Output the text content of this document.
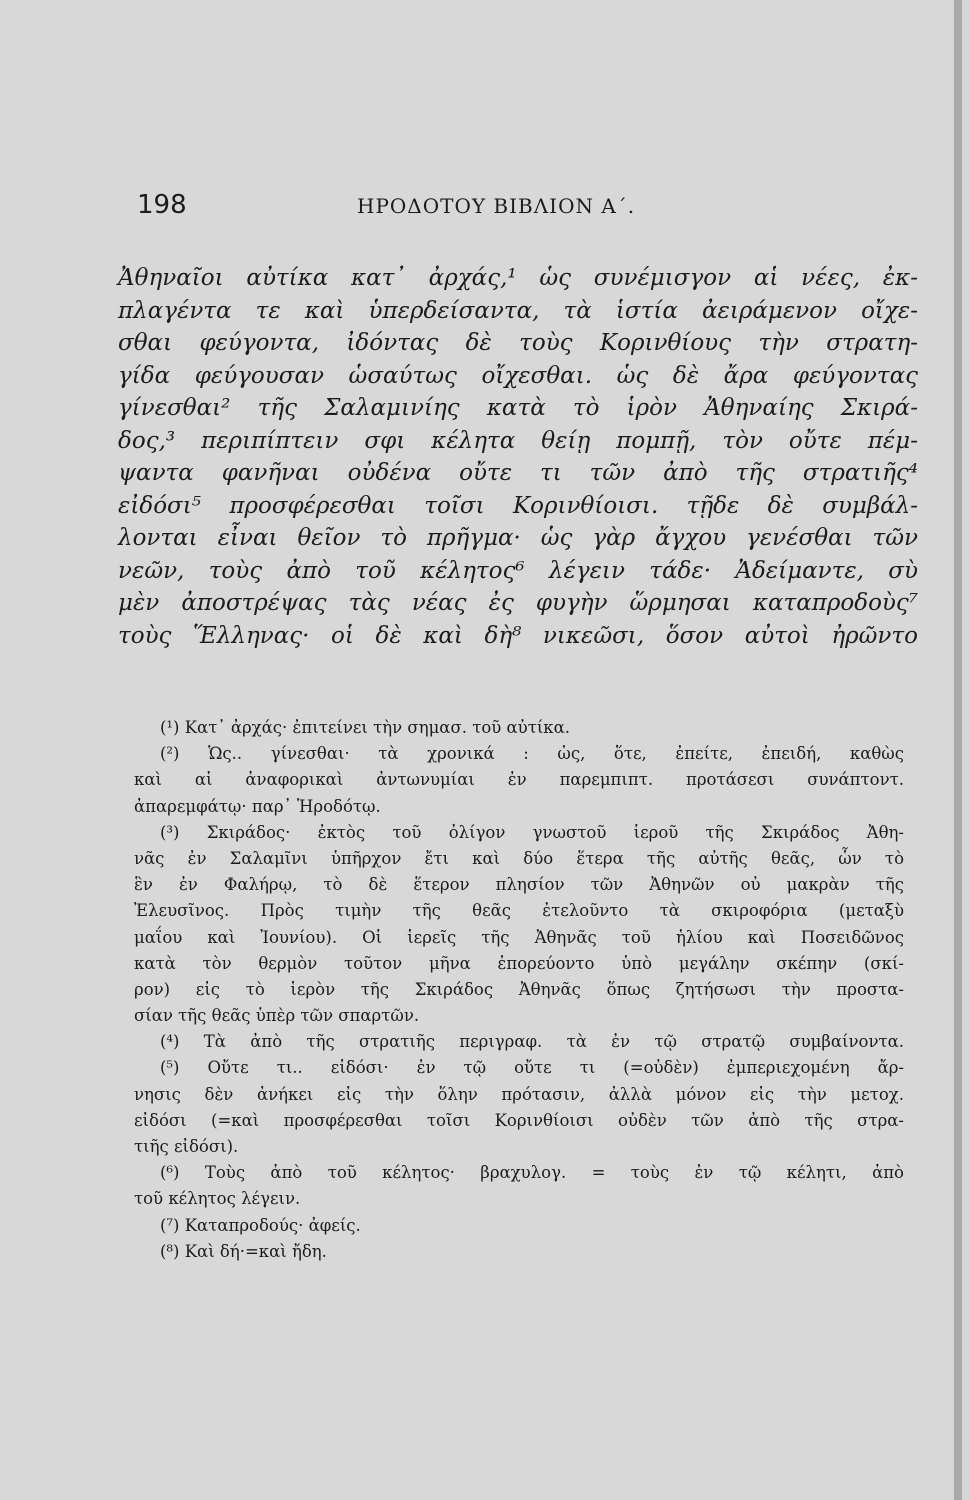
198	ΗΡΟΔΟΤΟΥ ΒΙΒΛΙΟΝ Α΄.
Ἀθηναῖοι αὐτίκα κατ᾽ ἀρχάς,¹ ὡς συνέμισγον αἱ νέες, ἐκ-
πλαγέντα τε καὶ ὑπερδείσαντα, τὰ ἱστία ἀειράμενον οἴχε-
σθαι φεύγοντα, ἰδόντας δὲ τοὺς Κορινθίους τὴν στρατη-
γίδα φεύγουσαν ὡσαύτως οἴχεσθαι. ὡς δὲ ἄρα φεύγοντας
γίνεσθαι² τῆς Σαλαμινίης κατὰ τὸ ἱρὸν Ἀθηναίης Σκιρά-
δος,³ περιπίπτειν σφι κέλητα θείῃ πομπῇ, τὸν οὔτε πέμ-
ψαντα φανῆναι οὐδένα οὔτε τι τῶν ἀπὸ τῆς στρατιῆς⁴
εἰδόσι⁵ προσφέρεσθαι τοῖσι Κορινθίοισι. τῇδε δὲ συμβάλ-
λονται εἶναι θεῖον τὸ πρῆγμα· ὡς γὰρ ἄγχου γενέσθαι τῶν
νεῶν, τοὺς ἀπὸ τοῦ κέλητος⁶ λέγειν τάδε· Ἀδείμαντε, σὺ
μὲν ἀποστρέψας τὰς νέας ἐς φυγὴν ὥρμησαι καταπροδοὺς⁷
τοὺς Ἕλληνας· οἱ δὲ καὶ δὴ⁸ νικεῶσι, ὅσον αὐτοὶ ἠρῶντο
(¹) Κατ᾽ ἀρχάς· ἐπιτείνει τὴν σημασ. τοῦ αὐτίκα.
(²) Ὡς.. γίνεσθαι· τὰ χρονικά : ὡς, ὅτε, ἐπείτε, ἐπειδή, καθὼς
καὶ αἱ ἀναφορικαὶ ἀντωνυμίαι ἐν παρεμπιπτ. προτάσεσι συνάπτοντ.
ἀπαρεμφάτῳ· παρ᾽ Ἡροδότῳ.
(³) Σκιράδος· ἐκτὸς τοῦ ὀλίγον γνωστοῦ ἱεροῦ τῆς Σκιράδος Ἀθη-
νᾶς ἐν Σαλαμῖνι ὑπῆρχον ἔτι καὶ δύο ἕτερα τῆς αὐτῆς θεᾶς, ὧν τὸ
ἓν ἐν Φαλήρῳ, τὸ δὲ ἕτερον πλησίον τῶν Ἀθηνῶν οὐ μακρὰν τῆς
Ἐλευσῖνος. Πρὸς τιμὴν τῆς θεᾶς ἐτελοῦντο τὰ σκιροφόρια (μεταξὺ
μαΐου καὶ Ἰουνίου). Οἱ ἱερεῖς τῆς Ἀθηνᾶς τοῦ ἡλίου καὶ Ποσειδῶνος
κατὰ τὸν θερμὸν τοῦτον μῆνα ἐπορεύοντο ὑπὸ μεγάλην σκέπην (σκί-
ρον) εἰς τὸ ἱερὸν τῆς Σκιράδος Ἀθηνᾶς ὅπως ζητήσωσι τὴν προστα-
σίαν τῆς θεᾶς ὑπὲρ τῶν σπαρτῶν.
(⁴) Τὰ ἀπὸ τῆς στρατιῆς περιγραφ. τὰ ἐν τῷ στρατῷ συμβαίνοντα.
(⁵) Οὔτε τι.. εἰδόσι· ἐν τῷ οὔτε τι (=οὐδὲν) ἐμπεριεχομένη ἄρ-
νησις δὲν ἀνήκει εἰς τὴν ὅλην πρότασιν, ἀλλὰ μόνον εἰς τὴν μετοχ.
εἰδόσι (=καὶ προσφέρεσθαι τοῖσι Κορινθίοισι οὐδὲν τῶν ἀπὸ τῆς στρα-
τιῆς εἰδόσι).
(⁶) Τοὺς ἀπὸ τοῦ κέλητος· βραχυλογ. = τοὺς ἐν τῷ κέλητι, ἀπὸ
τοῦ κέλητος λέγειν.
(⁷) Καταπροδούς· ἀφείς.
(⁸) Καὶ δή·=καὶ ἤδη.
